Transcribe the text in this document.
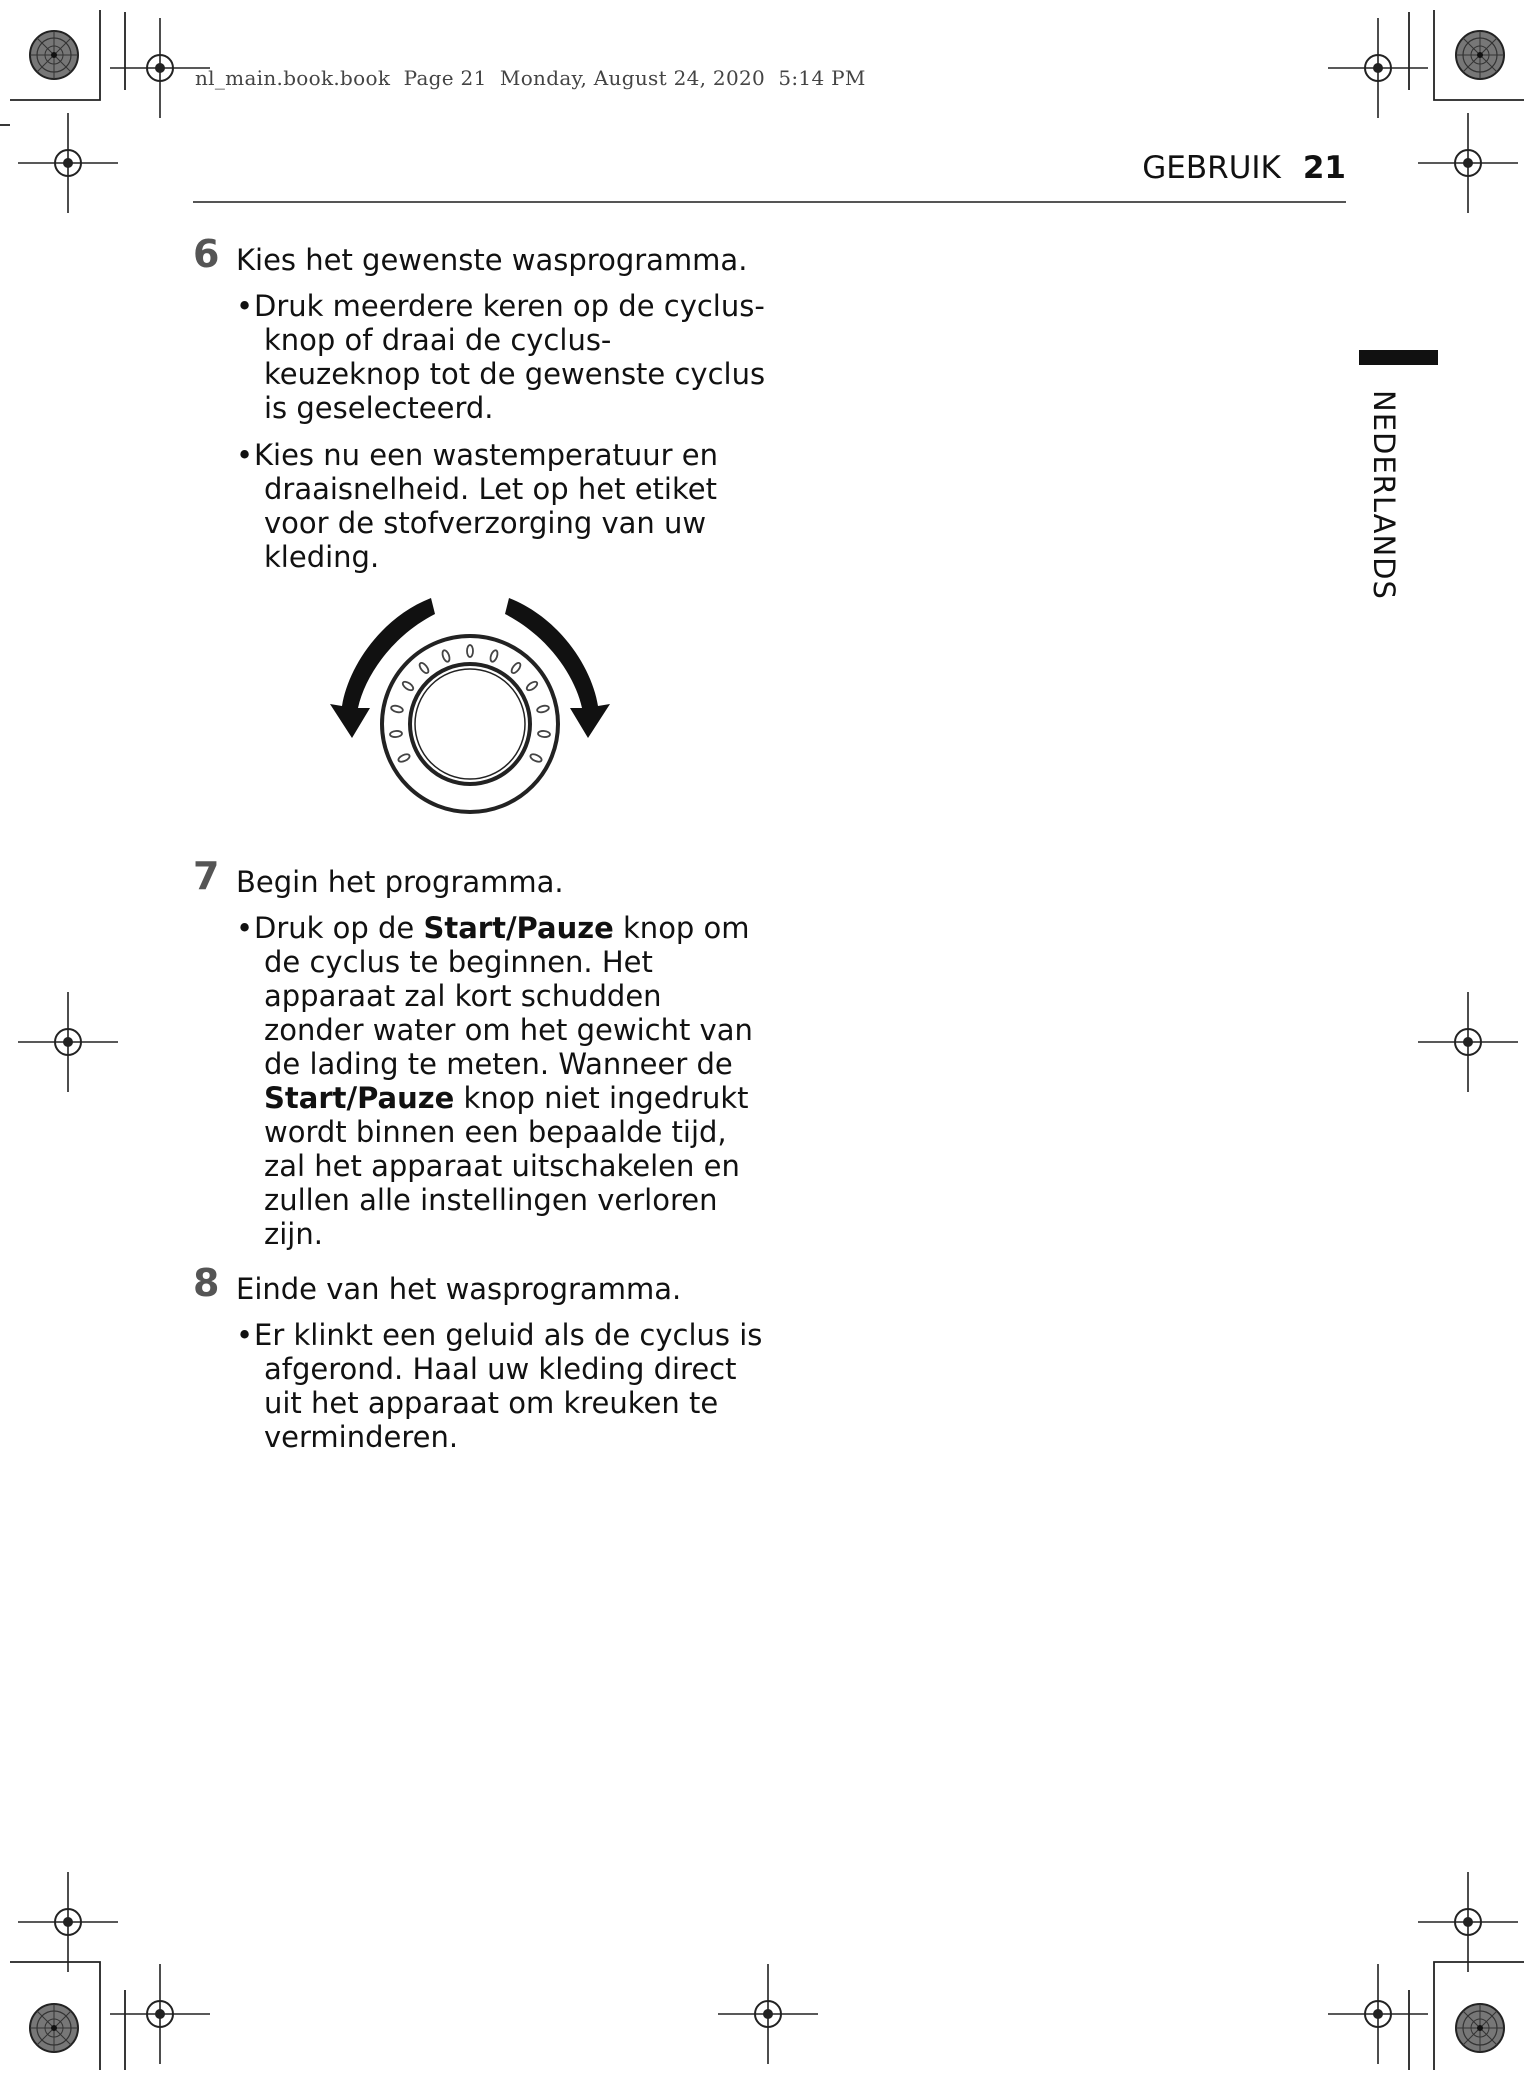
nl_main.book.book  Page 21  Monday, August 24, 2020  5:14 PM
GEBRUIK 21
NEDERLANDS
6 Kies het gewenste wasprogramma.
•Druk meerdere keren op de cyclus-knop of draai de cyclus-keuzeknop tot de gewenste cyclus is geselecteerd.
•Kies nu een wastemperatuur en draaisnelheid. Let op het etiket voor de stofverzorging van uw kleding.
7 Begin het programma.
•Druk op de Start/Pauze knop om de cyclus te beginnen. Het apparaat zal kort schudden zonder water om het gewicht van de lading te meten. Wanneer de Start/Pauze knop niet ingedrukt wordt binnen een bepaalde tijd, zal het apparaat uitschakelen en zullen alle instellingen verloren zijn.
8 Einde van het wasprogramma.
•Er klinkt een geluid als de cyclus is afgerond. Haal uw kleding direct uit het apparaat om kreuken te verminderen.
